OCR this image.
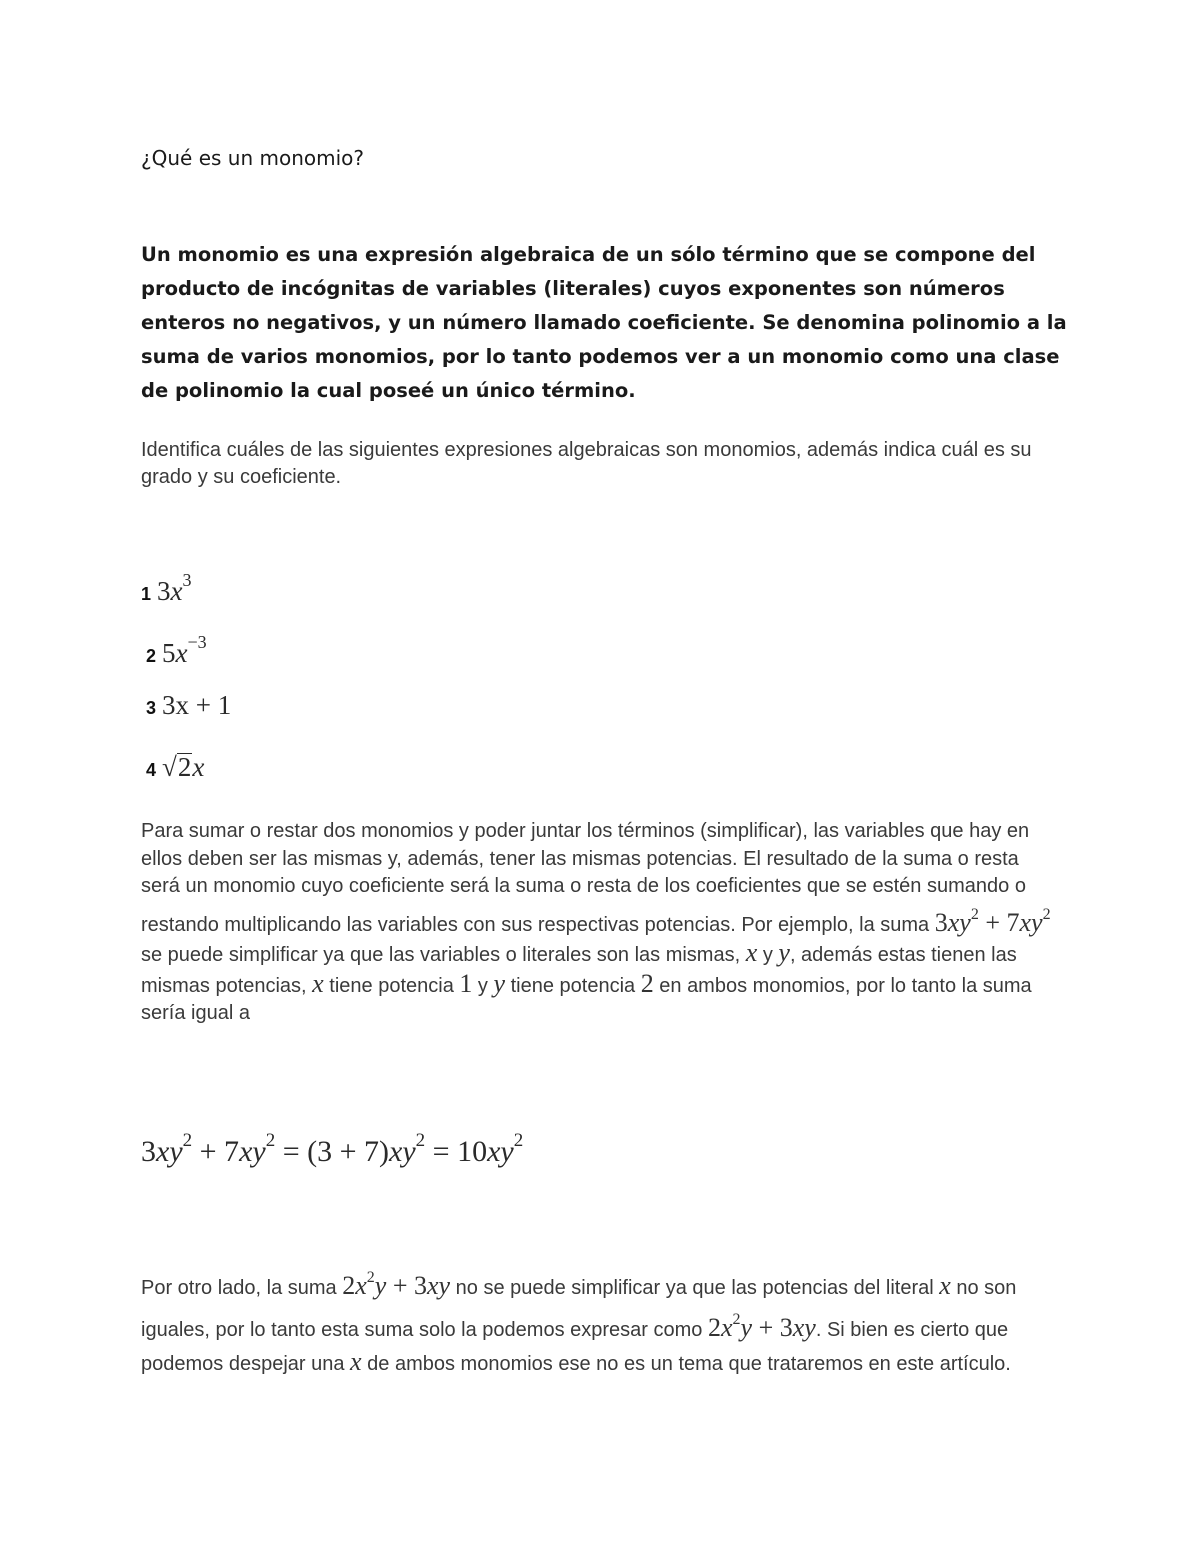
¿Qué es un monomio?
Un monomio es una expresión algebraica de un sólo término que se compone del producto de incógnitas de variables (literales) cuyos exponentes son números enteros no negativos, y un número llamado coeficiente. Se denomina polinomio a la suma de varios monomios, por lo tanto podemos ver a un monomio como una clase de polinomio la cual poseé un único término.
Identifica cuáles de las siguientes expresiones algebraicas son monomios, además indica cuál es su grado y su coeficiente.
1 $3x^3$
2 $5x^{-3}$
3 3x + 1
4 √2x
Para sumar o restar dos monomios y poder juntar los términos (simplificar), las variables que hay en ellos deben ser las mismas y, además, tener las mismas potencias. El resultado de la suma o resta será un monomio cuyo coeficiente será la suma o resta de los coeficientes que se estén sumando o restando multiplicando las variables con sus respectivas potencias. Por ejemplo, la suma $3xy^2 + 7xy^2$ se puede simplificar ya que las variables o literales son las mismas, x y y, además estas tienen las mismas potencias, x tiene potencia 1 y y tiene potencia 2 en ambos monomios, por lo tanto la suma sería igual a
$3xy^2 + 7xy^2 = (3 + 7)xy^2 = 10xy^2$
Por otro lado, la suma $2x^2y + 3xy$ no se puede simplificar ya que las potencias del literal x no son iguales, por lo tanto esta suma solo la podemos expresar como $2x^2y + 3xy$. Si bien es cierto que podemos despejar una x de ambos monomios ese no es un tema que trataremos en este artículo.
